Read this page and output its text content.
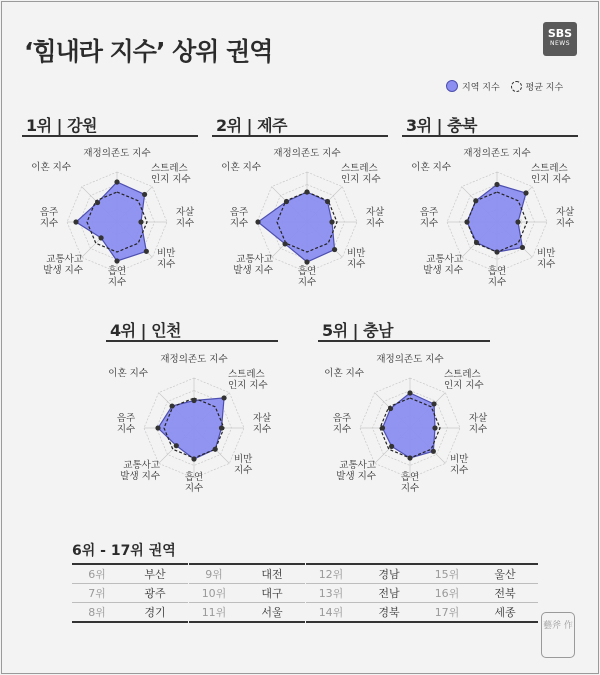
‘힘내라 지수’ 상위 권역
SBS
NEWS
지역 지수	평균 지수
1위 | 강원	2위 | 제주	3위 | 충북
4위 | 인천	5위 | 충남
재정의존도 지수
스트레스 인지 지수
자살 지수
비만 지수
흡연 지수
교통사고 발생 지수
음주 지수
이혼 지수
재정의존도 지수
스트레스 인지 지수
자살 지수
비만 지수
흡연 지수
교통사고 발생 지수
음주 지수
이혼 지수
재정의존도 지수
스트레스 인지 지수
자살 지수
비만 지수
흡연 지수
교통사고 발생 지수
음주 지수
이혼 지수
재정의존도 지수
스트레스 인지 지수
자살 지수
비만 지수
흡연 지수
교통사고 발생 지수
음주 지수
이혼 지수
재정의존도 지수
스트레스 인지 지수
자살 지수
비만 지수
흡연 지수
교통사고 발생 지수
음주 지수
이혼 지수
6위 - 17위 권역
6위	부산
7위	광주
8위	경기
9위	대전
10위	대구
11위	서울
12위	경남
13위	전남
14위	경북
15위	울산
16위	전북
17위	세종
藝斧 作
